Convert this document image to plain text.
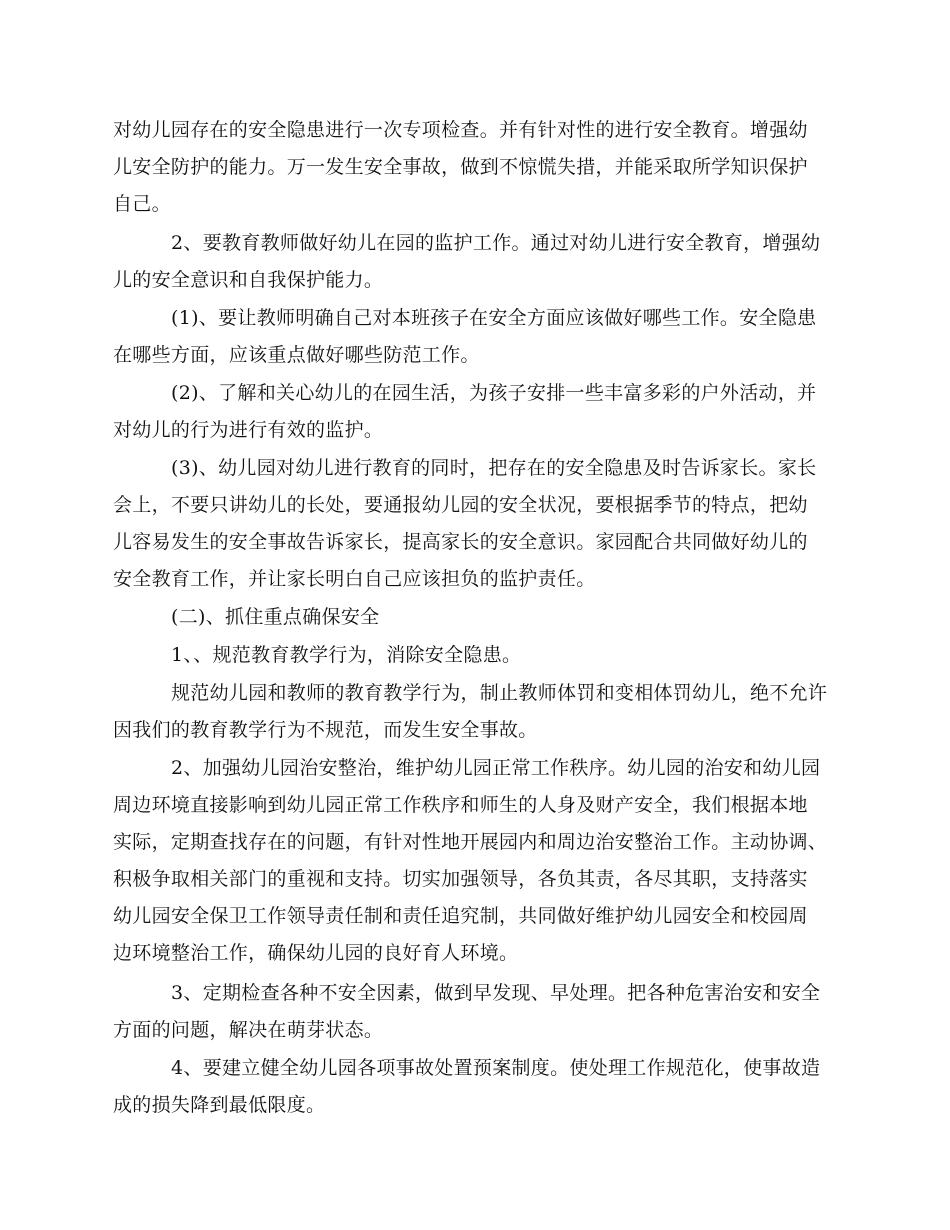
对幼儿园存在的安全隐患进行一次专项检查。并有针对性的进行安全教育。增强幼

儿安全防护的能力。万一发生安全事故，做到不惊慌失措，并能采取所学知识保护

自己。

2、要教育教师做好幼儿在园的监护工作。通过对幼儿进行安全教育，增强幼

儿的安全意识和自我保护能力。

(1)、要让教师明确自己对本班孩子在安全方面应该做好哪些工作。安全隐患

在哪些方面，应该重点做好哪些防范工作。

(2)、了解和关心幼儿的在园生活，为孩子安排一些丰富多彩的户外活动，并

对幼儿的行为进行有效的监护。

(3)、幼儿园对幼儿进行教育的同时，把存在的安全隐患及时告诉家长。家长

会上，不要只讲幼儿的长处，要通报幼儿园的安全状况，要根据季节的特点，把幼

儿容易发生的安全事故告诉家长，提高家长的安全意识。家园配合共同做好幼儿的

安全教育工作，并让家长明白自己应该担负的监护责任。

(二)、抓住重点确保安全

1、、规范教育教学行为，消除安全隐患。

规范幼儿园和教师的教育教学行为，制止教师体罚和变相体罚幼儿，绝不允许

因我们的教育教学行为不规范，而发生安全事故。

2、加强幼儿园治安整治，维护幼儿园正常工作秩序。幼儿园的治安和幼儿园

周边环境直接影响到幼儿园正常工作秩序和师生的人身及财产安全，我们根据本地

实际，定期查找存在的问题，有针对性地开展园内和周边治安整治工作。主动协调、

积极争取相关部门的重视和支持。切实加强领导，各负其责，各尽其职，支持落实

幼儿园安全保卫工作领导责任制和责任追究制，共同做好维护幼儿园安全和校园周

边环境整治工作，确保幼儿园的良好育人环境。

3、定期检查各种不安全因素，做到早发现、早处理。把各种危害治安和安全

方面的问题，解决在萌芽状态。

4、要建立健全幼儿园各项事故处置预案制度。使处理工作规范化，使事故造

成的损失降到最低限度。
